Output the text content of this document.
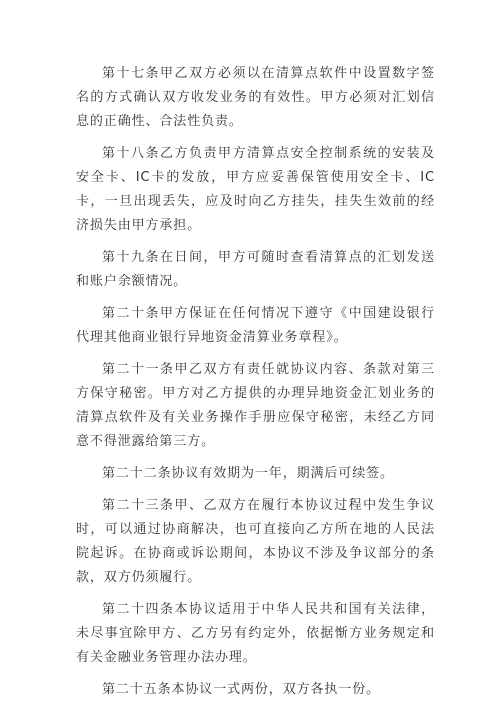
第十七条甲乙双方必须以在清算点软件中设置数字签名的方式确认双方收发业务的有效性。甲方必须对汇划信息的正确性、合法性负责。

第十八条乙方负责甲方清算点安全控制系统的安装及安全卡、IC卡的发放，甲方应妥善保管使用安全卡、IC卡，一旦出现丢失，应及时向乙方挂失，挂失生效前的经济损失由甲方承担。

第十九条在日间，甲方可随时查看清算点的汇划发送和账户余额情况。

第二十条甲方保证在任何情况下遵守《中国建设银行代理其他商业银行异地资金清算业务章程》。

第二十一条甲乙双方有责任就协议内容、条款对第三方保守秘密。甲方对乙方提供的办理异地资金汇划业务的清算点软件及有关业务操作手册应保守秘密，未经乙方同意不得泄露给第三方。

第二十二条协议有效期为一年，期满后可续签。

第二十三条甲、乙双方在履行本协议过程中发生争议时，可以通过协商解决，也可直接向乙方所在地的人民法院起诉。在协商或诉讼期间，本协议不涉及争议部分的条款，双方仍须履行。

第二十四条本协议适用于中华人民共和国有关法律，未尽事宜除甲方、乙方另有约定外，依据惭方业务规定和有关金融业务管理办法办理。

第二十五条本协议一式两份，双方各执一份。
